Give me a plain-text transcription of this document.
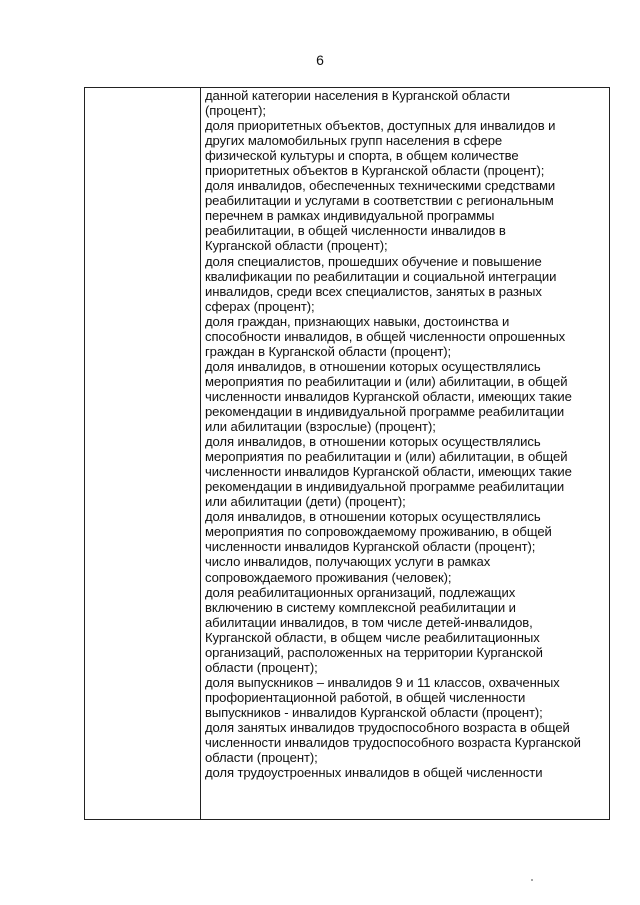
6

данной категории населения в Курганской области
(процент);
доля приоритетных объектов, доступных для инвалидов и
других маломобильных групп населения в сфере
физической культуры и спорта, в общем количестве
приоритетных объектов в Курганской области (процент);
доля инвалидов, обеспеченных техническими средствами
реабилитации и услугами в соответствии с региональным
перечнем в рамках индивидуальной программы
реабилитации, в общей численности инвалидов в
Курганской области (процент);
доля специалистов, прошедших обучение и повышение
квалификации по реабилитации и социальной интеграции
инвалидов, среди всех специалистов, занятых в разных
сферах (процент);
доля граждан, признающих навыки, достоинства и
способности инвалидов, в общей численности опрошенных
граждан в Курганской области (процент);
доля инвалидов, в отношении которых осуществлялись
мероприятия по реабилитации и (или) абилитации, в общей
численности инвалидов Курганской области, имеющих такие
рекомендации в индивидуальной программе реабилитации
или абилитации (взрослые) (процент);
доля инвалидов, в отношении которых осуществлялись
мероприятия по реабилитации и (или) абилитации, в общей
численности инвалидов Курганской области, имеющих такие
рекомендации в индивидуальной программе реабилитации
или абилитации (дети) (процент);
доля инвалидов, в отношении которых осуществлялись
мероприятия по сопровождаемому проживанию, в общей
численности инвалидов Курганской области (процент);
число инвалидов, получающих услуги в рамках
сопровождаемого проживания (человек);
доля реабилитационных организаций, подлежащих
включению в систему комплексной реабилитации и
абилитации инвалидов, в том числе детей-инвалидов,
Курганской области, в общем числе реабилитационных
организаций, расположенных на территории Курганской
области (процент);
доля выпускников – инвалидов 9 и 11 классов, охваченных
профориентационной работой, в общей численности
выпускников - инвалидов Курганской области (процент);
доля занятых инвалидов трудоспособного возраста в общей
численности инвалидов трудоспособного возраста Курганской
области (процент);
доля трудоустроенных инвалидов в общей численности
